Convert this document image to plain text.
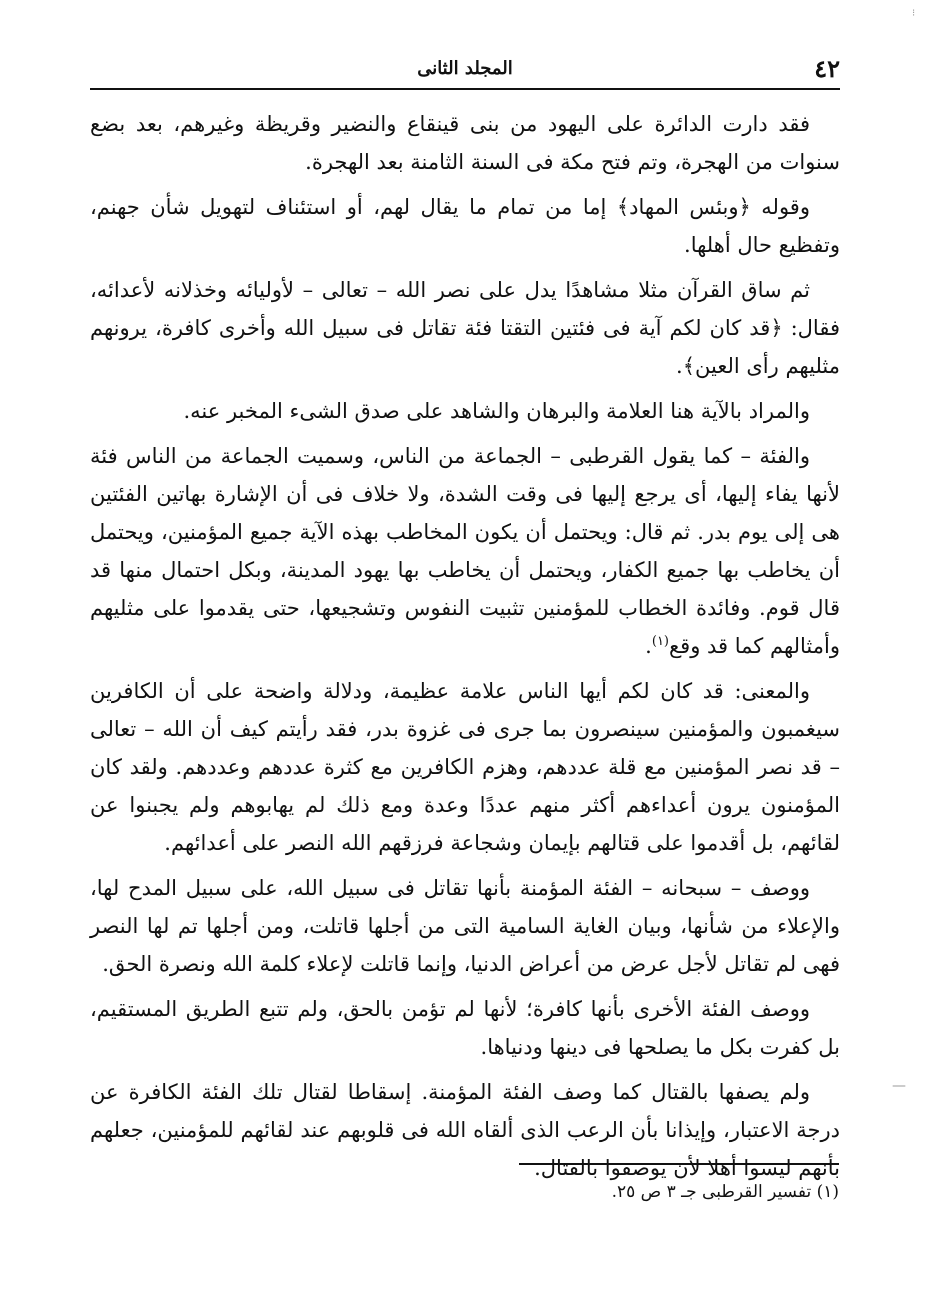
٤٢
المجلد الثانى

فقد دارت الدائرة على اليهود من بنى قينقاع والنضير وقريظة وغيرهم، بعد بضع سنوات من الهجرة، وتم فتح مكة فى السنة الثامنة بعد الهجرة.

وقوله ﴿وبئس المهاد﴾ إما من تمام ما يقال لهم، أو استئناف لتهويل شأن جهنم، وتفظيع حال أهلها.

ثم ساق القرآن مثلا مشاهدًا يدل على نصر الله – تعالى – لأوليائه وخذلانه لأعدائه، فقال: ﴿قد كان لكم آية فى فئتين التقتا فئة تقاتل فى سبيل الله وأخرى كافرة، يرونهم مثليهم رأى العين﴾.

والمراد بالآية هنا العلامة والبرهان والشاهد على صدق الشىء المخبر عنه.

والفئة – كما يقول القرطبى – الجماعة من الناس، وسميت الجماعة من الناس فئة لأنها يفاء إليها، أى يرجع إليها فى وقت الشدة، ولا خلاف فى أن الإشارة بهاتين الفئتين هى إلى يوم بدر. ثم قال: ويحتمل أن يكون المخاطب بهذه الآية جميع المؤمنين، ويحتمل أن يخاطب بها جميع الكفار، ويحتمل أن يخاطب بها يهود المدينة، وبكل احتمال منها قد قال قوم. وفائدة الخطاب للمؤمنين تثبيت النفوس وتشجيعها، حتى يقدموا على مثليهم وأمثالهم كما قد وقع$^{(١)}$.

والمعنى: قد كان لكم أيها الناس علامة عظيمة، ودلالة واضحة على أن الكافرين سيغمبون والمؤمنين سينصرون بما جرى فى غزوة بدر، فقد رأيتم كيف أن الله – تعالى – قد نصر المؤمنين مع قلة عددهم، وهزم الكافرين مع كثرة عددهم وعددهم. ولقد كان المؤمنون يرون أعداءهم أكثر منهم عددًا وعدة ومع ذلك لم يهابوهم ولم يجبنوا عن لقائهم، بل أقدموا على قتالهم بإيمان وشجاعة فرزقهم الله النصر على أعدائهم.

ووصف – سبحانه – الفئة المؤمنة بأنها تقاتل فى سبيل الله، على سبيل المدح لها، والإعلاء من شأنها، وبيان الغاية السامية التى من أجلها قاتلت، ومن أجلها تم لها النصر فهى لم تقاتل لأجل عرض من أعراض الدنيا، وإنما قاتلت لإعلاء كلمة الله ونصرة الحق.

ووصف الفئة الأخرى بأنها كافرة؛ لأنها لم تؤمن بالحق، ولم تتبع الطريق المستقيم، بل كفرت بكل ما يصلحها فى دينها ودنياها.

ولم يصفها بالقتال كما وصف الفئة المؤمنة. إسقاطا لقتال تلك الفئة الكافرة عن درجة الاعتبار، وإيذانا بأن الرعب الذى ألقاه الله فى قلوبهم عند لقائهم للمؤمنين، جعلهم بأنهم ليسوا أهلا لأن يوصفوا بالقتال.

(١) تفسير القرطبى جـ ٣ ص ٢٥.
⁝
—
